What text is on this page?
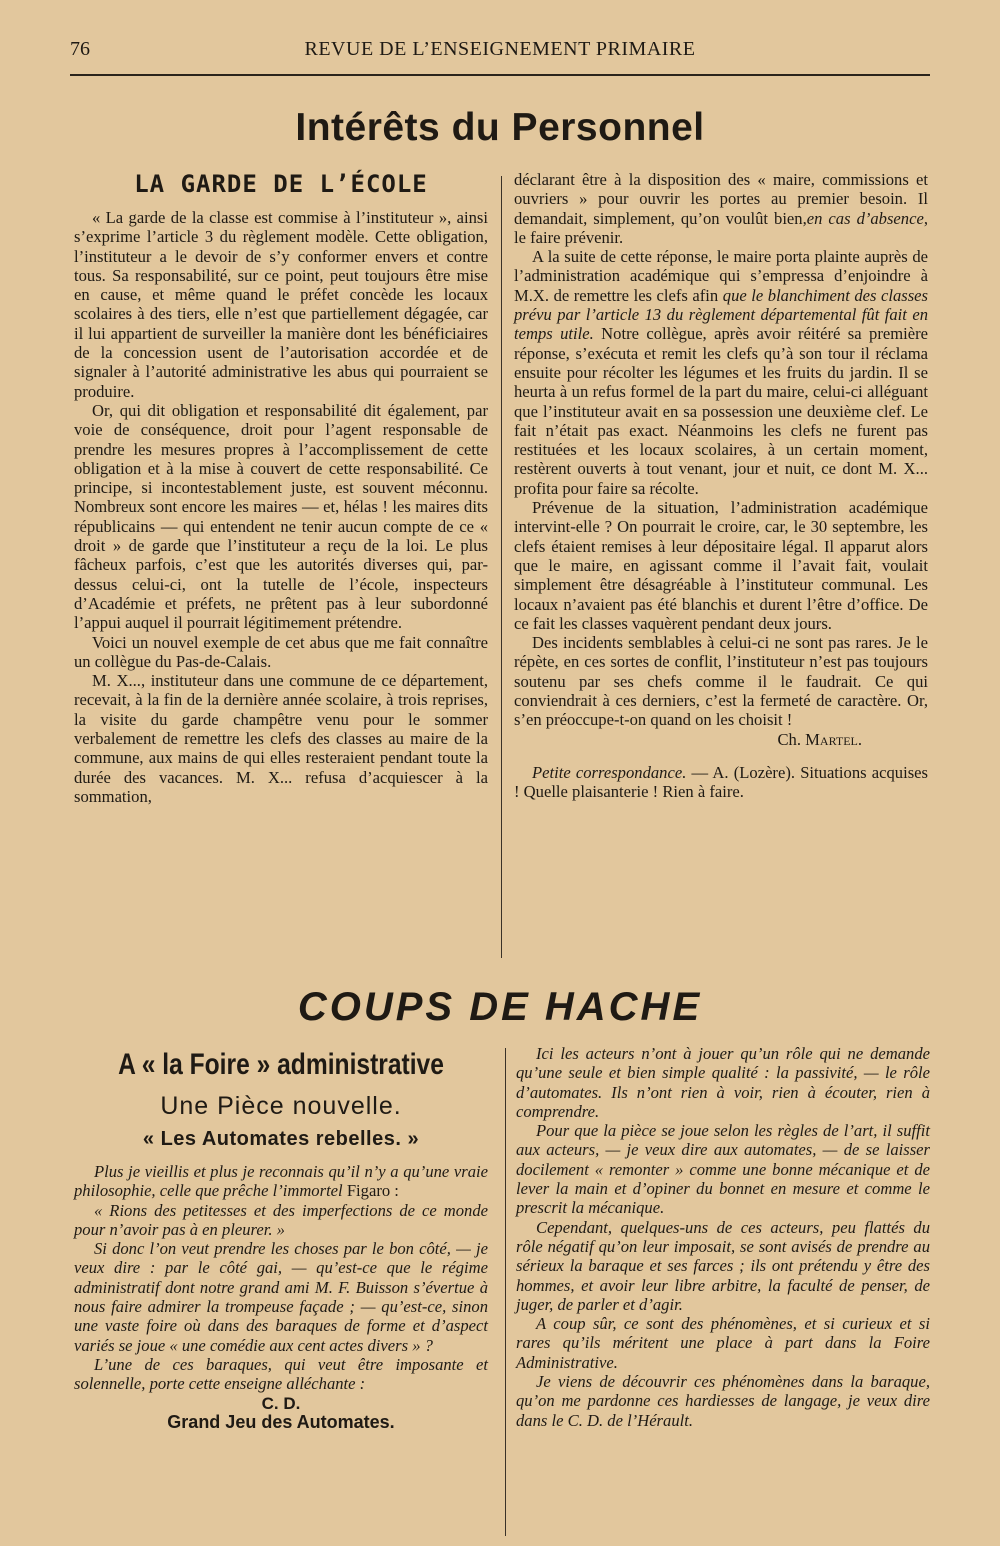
76	REVUE DE L’ENSEIGNEMENT PRIMAIRE
Intérêts du Personnel
LA GARDE DE L’ÉCOLE

« La garde de la classe est commise à l’instituteur », ainsi s’exprime l’article 3 du règlement modèle. Cette obligation, l’instituteur a le devoir de s’y conformer envers et contre tous. Sa responsabilité, sur ce point, peut toujours être mise en cause, et même quand le préfet concède les locaux scolaires à des tiers, elle n’est que partiellement dégagée, car il lui appartient de surveiller la manière dont les bénéficiaires de la concession usent de l’autorisation accordée et de signaler à l’autorité administrative les abus qui pourraient se produire.

Or, qui dit obligation et responsabilité dit également, par voie de conséquence, droit pour l’agent responsable de prendre les mesures propres à l’accomplissement de cette obligation et à la mise à couvert de cette responsabilité. Ce principe, si incontestablement juste, est souvent méconnu. Nombreux sont encore les maires — et, hélas ! les maires dits républicains — qui entendent ne tenir aucun compte de ce « droit » de garde que l’instituteur a reçu de la loi. Le plus fâcheux parfois, c’est que les autorités diverses qui, par-dessus celui-ci, ont la tutelle de l’école, inspecteurs d’Académie et préfets, ne prêtent pas à leur subordonné l’appui auquel il pourrait légitimement prétendre.

Voici un nouvel exemple de cet abus que me fait connaître un collègue du Pas-de-Calais.

M. X..., instituteur dans une commune de ce département, recevait, à la fin de la dernière année scolaire, à trois reprises, la visite du garde champêtre venu pour le sommer verbalement de remettre les clefs des classes au maire de la commune, aux mains de qui elles resteraient pendant toute la durée des vacances. M. X... refusa d’acquiescer à la sommation,

déclarant être à la disposition des « maire, commissions et ouvriers » pour ouvrir les portes au premier besoin. Il demandait, simplement, qu’on voulût bien,en cas d’absence, le faire prévenir.

A la suite de cette réponse, le maire porta plainte auprès de l’administration académique qui s’empressa d’enjoindre à M.X. de remettre les clefs afin que le blanchiment des classes prévu par l’article 13 du règlement départemental fût fait en temps utile. Notre collègue, après avoir réitéré sa première réponse, s’exécuta et remit les clefs qu’à son tour il réclama ensuite pour récolter les légumes et les fruits du jardin. Il se heurta à un refus formel de la part du maire, celui-ci alléguant que l’instituteur avait en sa possession une deuxième clef. Le fait n’était pas exact. Néanmoins les clefs ne furent pas restituées et les locaux scolaires, à un certain moment, restèrent ouverts à tout venant, jour et nuit, ce dont M. X... profita pour faire sa récolte.

Prévenue de la situation, l’administration académique intervint-elle ? On pourrait le croire, car, le 30 septembre, les clefs étaient remises à leur dépositaire légal. Il apparut alors que le maire, en agissant comme il l’avait fait, voulait simplement être désagréable à l’instituteur communal. Les locaux n’avaient pas été blanchis et durent l’être d’office. De ce fait les classes vaquèrent pendant deux jours.

Des incidents semblables à celui-ci ne sont pas rares. Je le répète, en ces sortes de conflit, l’instituteur n’est pas toujours soutenu par ses chefs comme il le faudrait. Ce qui conviendrait à ces derniers, c’est la fermeté de caractère. Or, s’en préoccupe-t-on quand on les choisit !

Ch. Martel.

Petite correspondance. — A. (Lozère). Situations acquises ! Quelle plaisanterie ! Rien à faire.

COUPS DE HACHE
A « la Foire » administrative
Une Pièce nouvelle.
« Les Automates rebelles. »

Plus je vieillis et plus je reconnais qu’il n’y a qu’une vraie philosophie, celle que prêche l’immortel Figaro :

« Rions des petitesses et des imperfections de ce monde pour n’avoir pas à en pleurer. »

Si donc l’on veut prendre les choses par le bon côté, — je veux dire : par le côté gai, — qu’est-ce que le régime administratif dont notre grand ami M. F. Buisson s’évertue à nous faire admirer la trompeuse façade ; — qu’est-ce, sinon une vaste foire où dans des baraques de forme et d’aspect variés se joue « une comédie aux cent actes divers » ?

L’une de ces baraques, qui veut être imposante et solennelle, porte cette enseigne alléchante :

C. D.

Grand Jeu des Automates.

Ici les acteurs n’ont à jouer qu’un rôle qui ne demande qu’une seule et bien simple qualité : la passivité, — le rôle d’automates. Ils n’ont rien à voir, rien à écouter, rien à comprendre.

Pour que la pièce se joue selon les règles de l’art, il suffit aux acteurs, — je veux dire aux automates, — de se laisser docilement « remonter » comme une bonne mécanique et de lever la main et d’opiner du bonnet en mesure et comme le prescrit la mécanique.

Cependant, quelques-uns de ces acteurs, peu flattés du rôle négatif qu’on leur imposait, se sont avisés de prendre au sérieux la baraque et ses farces ; ils ont prétendu y être des hommes, et avoir leur libre arbitre, la faculté de penser, de juger, de parler et d’agir.

A coup sûr, ce sont des phénomènes, et si curieux et si rares qu’ils méritent une place à part dans la Foire Administrative.

Je viens de découvrir ces phénomènes dans la baraque, qu’on me pardonne ces hardiesses de langage, je veux dire dans le C. D. de l’Hérault.
